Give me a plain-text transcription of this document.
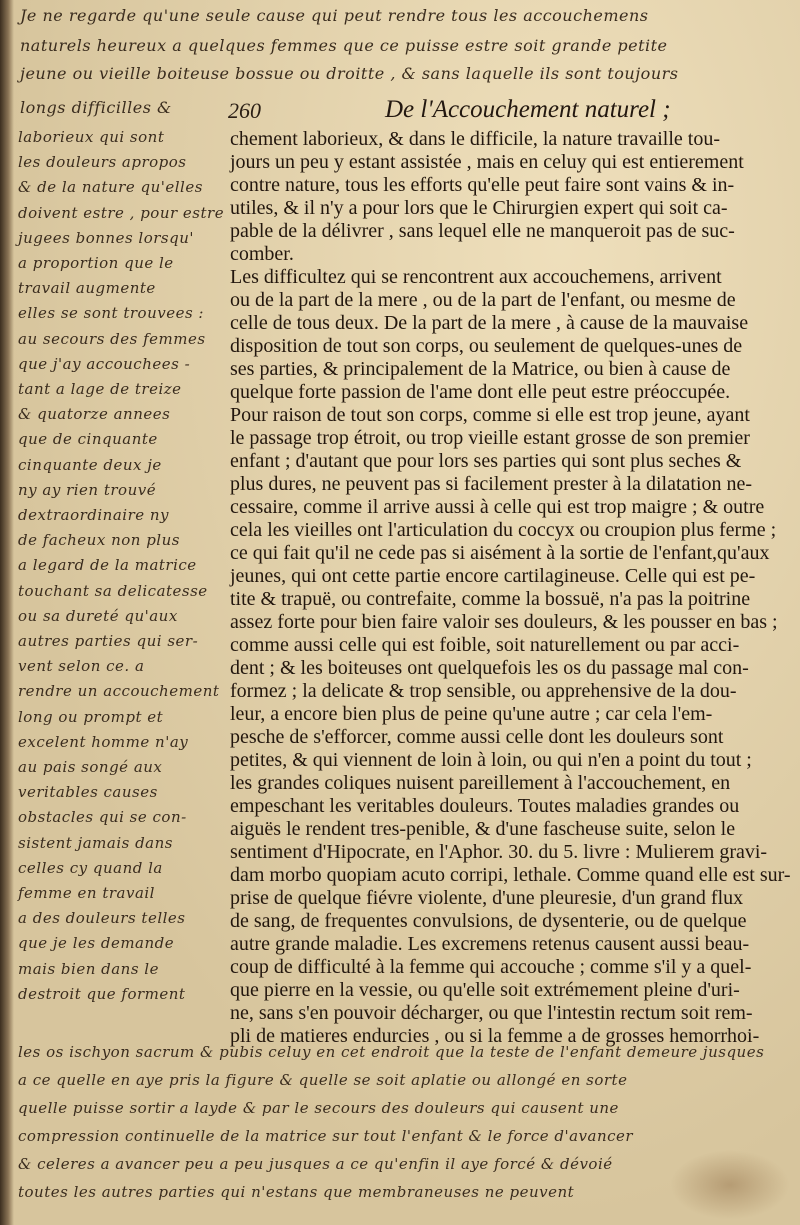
Je ne regarde qu'une seule cause qui peut rendre tous les accouchemens
naturels heureux a quelques femmes que ce puisse estre soit grande petite
jeune ou vieille boiteuse bossue ou droitte , & sans laquelle ils sont toujours
longs difficilles &	260	De l'Accouchement naturel ;
laborieux qui sont
les douleurs apropos
& de la nature qu'elles
doivent estre , pour estre
jugees bonnes lorsqu'
a proportion que le
travail augmente
elles se sont trouvees :
au secours des femmes
que j'ay accouchees -
tant a lage de treize
& quatorze annees
que de cinquante
cinquante deux je
ny ay rien trouvé
dextraordinaire ny
de facheux non plus
a legard de la matrice
touchant sa delicatesse
ou sa dureté qu'aux
autres parties qui ser-
vent selon ce. a
rendre un accouchement
long ou prompt et
excelent homme n'ay
au pais songé aux
veritables causes
obstacles qui se con-
sistent jamais dans
celles cy quand la
femme en travail
a des douleurs telles
que je les demande
mais bien dans le
destroit que forment
chement laborieux, & dans le difficile, la nature travaille tou-
jours un peu y estant assistée , mais en celuy qui est entierement
contre nature, tous les efforts qu'elle peut faire sont vains & in-
utiles, & il n'y a pour lors que le Chirurgien expert qui soit ca-
pable de la délivrer , sans lequel elle ne manqueroit pas de suc-
comber.
Les difficultez qui se rencontrent aux accouchemens, arrivent
ou de la part de la mere , ou de la part de l'enfant, ou mesme de
celle de tous deux. De la part de la mere , à cause de la mauvaise
disposition de tout son corps, ou seulement de quelques-unes de
ses parties, & principalement de la Matrice, ou bien à cause de
quelque forte passion de l'ame dont elle peut estre préoccupée.
Pour raison de tout son corps, comme si elle est trop jeune, ayant
le passage trop étroit, ou trop vieille estant grosse de son premier
enfant ; d'autant que pour lors ses parties qui sont plus seches &
plus dures, ne peuvent pas si facilement prester à la dilatation ne-
cessaire, comme il arrive aussi à celle qui est trop maigre ; & outre
cela les vieilles ont l'articulation du coccyx ou croupion plus ferme ;
ce qui fait qu'il ne cede pas si aisément à la sortie de l'enfant,qu'aux
jeunes, qui ont cette partie encore cartilagineuse. Celle qui est pe-
tite & trapuë, ou contrefaite, comme la bossuë, n'a pas la poitrine
assez forte pour bien faire valoir ses douleurs, & les pousser en bas ;
comme aussi celle qui est foible, soit naturellement ou par acci-
dent ; & les boiteuses ont quelquefois les os du passage mal con-
formez ; la delicate & trop sensible, ou apprehensive de la dou-
leur, a encore bien plus de peine qu'une autre ; car cela l'em-
pesche de s'efforcer, comme aussi celle dont les douleurs sont
petites, & qui viennent de loin à loin, ou qui n'en a point du tout ;
les grandes coliques nuisent pareillement à l'accouchement, en
empeschant les veritables douleurs. Toutes maladies grandes ou
aiguës le rendent tres-penible, & d'une fascheuse suite, selon le
sentiment d'Hipocrate, en l'Aphor. 30. du 5. livre : Mulierem gravi-
dam morbo quopiam acuto corripi, lethale. Comme quand elle est sur-
prise de quelque fiévre violente, d'une pleuresie, d'un grand flux
de sang, de frequentes convulsions, de dysenterie, ou de quelque
autre grande maladie. Les excremens retenus causent aussi beau-
coup de difficulté à la femme qui accouche ; comme s'il y a quel-
que pierre en la vessie, ou qu'elle soit extrémement pleine d'uri-
ne, sans s'en pouvoir décharger, ou que l'intestin rectum soit rem-
pli de matieres endurcies , ou si la femme a de grosses hemorrhoi-
les os ischyon sacrum & pubis celuy en cet endroit que la teste de l'enfant demeure jusques
a ce quelle en aye pris la figure & quelle se soit aplatie ou allongé en sorte
quelle puisse sortir a layde & par le secours des douleurs qui causent une
compression continuelle de la matrice sur tout l'enfant & le force d'avancer
& celeres a avancer peu a peu jusques a ce qu'enfin il aye forcé & dévoié
toutes les autres parties qui n'estans que membraneuses ne peuvent
